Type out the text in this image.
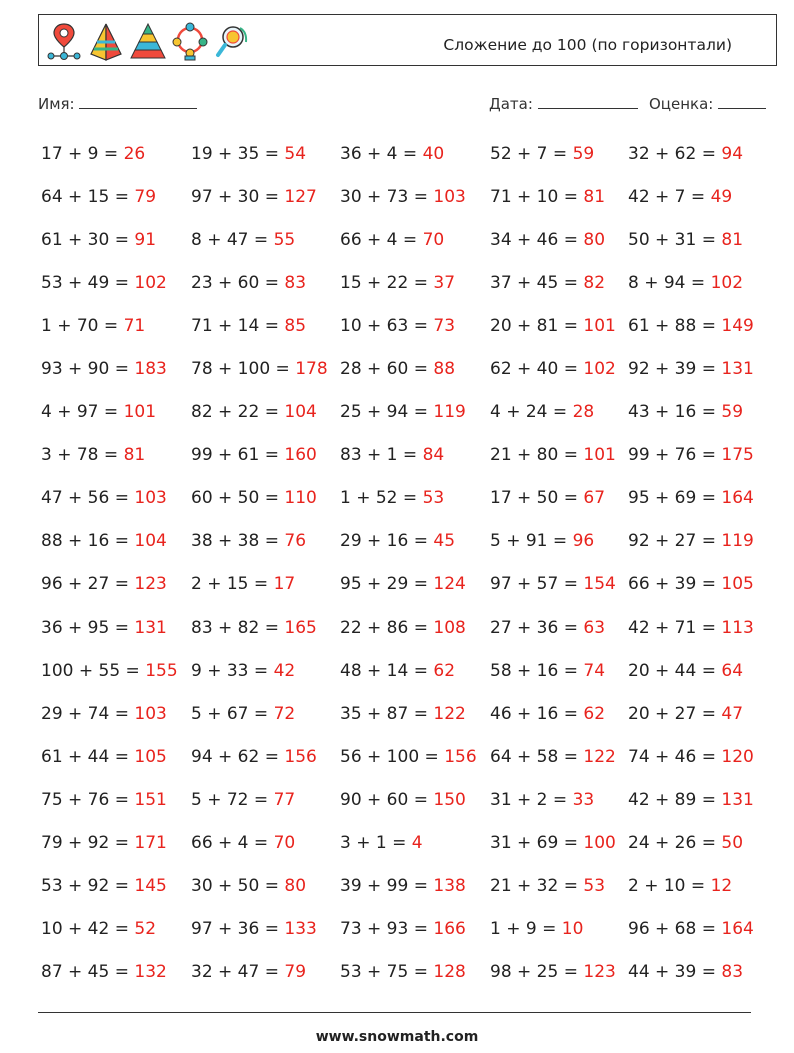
Сложение до 100 (по горизонтали)
Имя:	Дата:	Оценка:
17 + 9 = 26	19 + 35 = 54 36 + 4 = 40	52 + 7 = 59 32 + 62 = 94
64 + 15 = 79 97 + 30 = 127 30 + 73 = 103 71 + 10 = 81 42 + 7 = 49
61 + 30 = 91 8 + 47 = 55	66 + 4 = 70	34 + 46 = 80 50 + 31 = 81
53 + 49 = 102 23 + 60 = 83 15 + 22 = 37 37 + 45 = 82 8 + 94 = 102
1 + 70 = 71	71 + 14 = 85 10 + 63 = 73 20 + 81 = 101 61 + 88 = 149
93 + 90 = 183 78 + 100 = 178 28 + 60 = 88 62 + 40 = 102 92 + 39 = 131
4 + 97 = 101 82 + 22 = 104 25 + 94 = 119 4 + 24 = 28 43 + 16 = 59
3 + 78 = 81	99 + 61 = 160 83 + 1 = 84	21 + 80 = 101 99 + 76 = 175
47 + 56 = 103 60 + 50 = 110 1 + 52 = 53	17 + 50 = 67 95 + 69 = 164
88 + 16 = 104 38 + 38 = 76 29 + 16 = 45 5 + 91 = 96 92 + 27 = 119
96 + 27 = 123 2 + 15 = 17	95 + 29 = 124 97 + 57 = 154 66 + 39 = 105
36 + 95 = 131 83 + 82 = 165 22 + 86 = 108 27 + 36 = 63 42 + 71 = 113
100 + 55 = 155 9 + 33 = 42	48 + 14 = 62 58 + 16 = 74 20 + 44 = 64
29 + 74 = 103 5 + 67 = 72	35 + 87 = 122 46 + 16 = 62 20 + 27 = 47
61 + 44 = 105 94 + 62 = 156 56 + 100 = 156 64 + 58 = 122 74 + 46 = 120
75 + 76 = 151 5 + 72 = 77	90 + 60 = 150 31 + 2 = 33 42 + 89 = 131
79 + 92 = 171 66 + 4 = 70	3 + 1 = 4	31 + 69 = 100 24 + 26 = 50
53 + 92 = 145 30 + 50 = 80 39 + 99 = 138 21 + 32 = 53 2 + 10 = 12
10 + 42 = 52 97 + 36 = 133 73 + 93 = 166 1 + 9 = 10	96 + 68 = 164
87 + 45 = 132 32 + 47 = 79 53 + 75 = 128 98 + 25 = 123 44 + 39 = 83
www.snowmath.com
